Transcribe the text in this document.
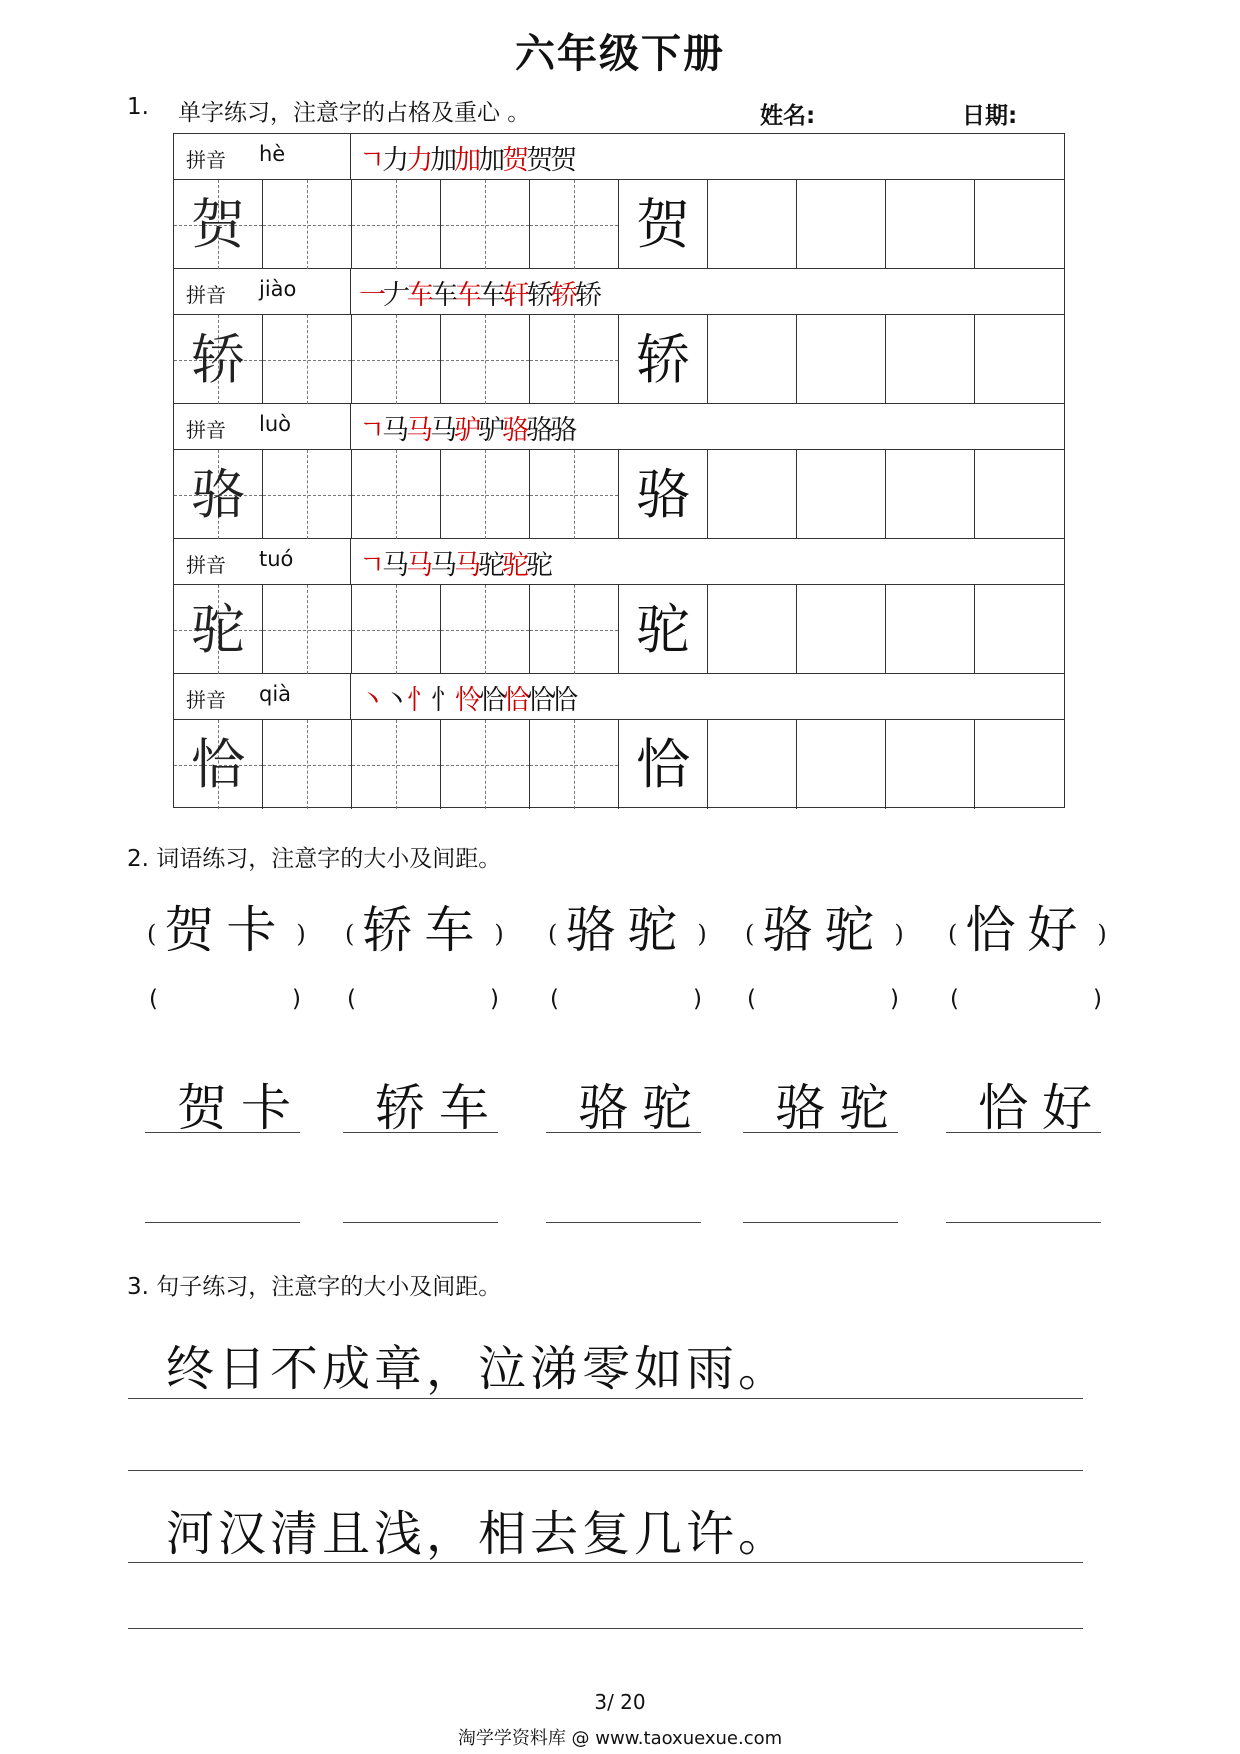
六年级下册
1. 单字练习，注意字的占格及重心 。	姓名:	日期:
拼音 hè	ㄱ力力加加加贺贺贺
贺	贺
拼音 jiào 一𠂇车车车车轩轿轿轿
轿	轿
拼音 luò	ㄱ马马马驴驴骆骆骆
骆	骆
拼音 tuó ㄱ马马马马驼驼驼
驼	驼
拼音 qià	丶丶忄忄怜恰恰恰恰
恰	恰
2. 词语练习，注意字的大小及间距。
( 贺卡 )
(	)
贺卡
( 轿车 )
(	)
轿车
( 骆驼 )
(	)
骆驼
( 骆驼 )
(	)
骆驼
( 恰好 )
(	)
恰好
3. 句子练习，注意字的大小及间距。
终日不成章，泣涕零如雨。
河汉清且浅，相去复几许。
3/ 20
淘学学资料库 @ www.taoxuexue.com
